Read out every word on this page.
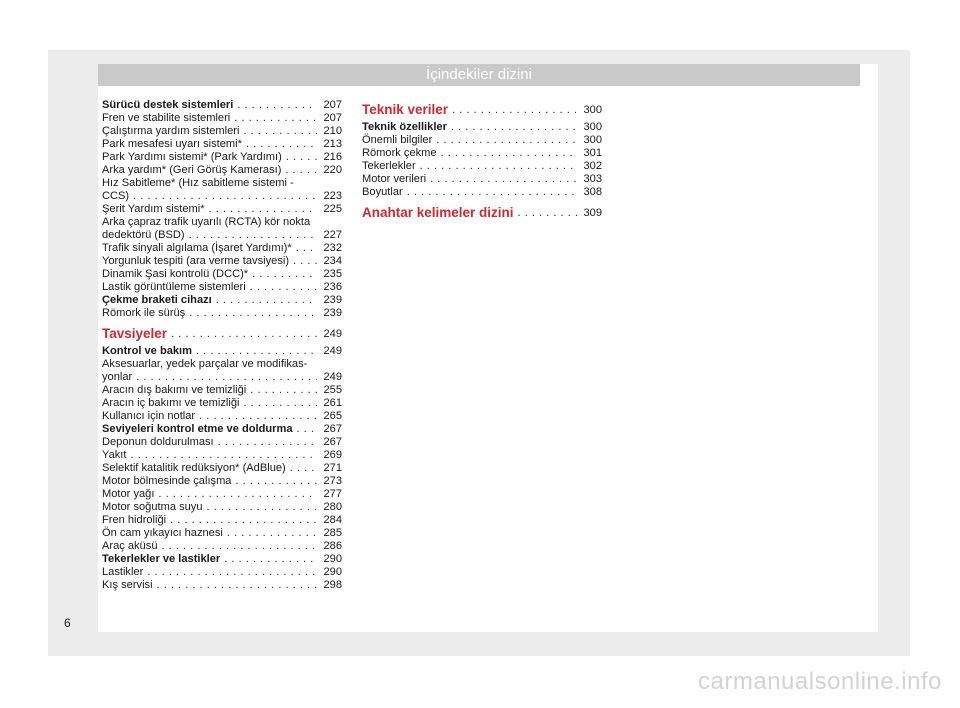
İçindekiler dizini
Sürücü destek sistemleri . . .	207
Fren ve stabilite sistemleri . . .	207
Çalıştırma yardım sistemleri . . .	210
Park mesafesi uyarı sistemi* . . .	213
Park Yardımı sistemi* (Park Yardımı) . . .	216
Arka yardım* (Geri Görüş Kamerası) . . .	220
Hız Sabitleme* (Hız sabitleme sistemi -
CCS) . . .	223
Şerit Yardım sistemi* . . .	225
Arka çapraz trafik uyarılı (RCTA) kör nokta
dedektörü (BSD) . . .	227
Trafik sinyali algılama (İşaret Yardımı)* . . .	232
Yorgunluk tespiti (ara verme tavsiyesi) . . .	234
Dinamik Şasi kontrolü (DCC)* . . .	235
Lastik görüntüleme sistemleri . . .	236
Çekme braketi cihazı . . .	239
Römork ile sürüş . . .	239
Tavsiyeler . . .	249
Kontrol ve bakım . . .	249
Aksesuarlar, yedek parçalar ve modifikas-
yonlar . . .	249
Aracın dış bakımı ve temizliği . . .	255
Aracın iç bakımı ve temizliği . . .	261
Kullanıcı için notlar . . .	265
Seviyeleri kontrol etme ve doldurma . . .	267
Deponun doldurulması . . .	267
Yakıt . . .	269
Selektif katalitik redüksiyon* (AdBlue) . . .	271
Motor bölmesinde çalışma . . .	273
Motor yağı . . .	277
Motor soğutma suyu . . .	280
Fren hidroliği . . .	284
Ön cam yıkayıcı haznesi . . .	285
Araç aküsü . . .	286
Tekerlekler ve lastikler . . .	290
Lastikler . . .	290
Kış servisi . . .	298
Teknik veriler . . .	300
Teknik özellikler . . .	300
Önemli bilgiler . . .	300
Römork çekme . . .	301
Tekerlekler . . .	302
Motor verileri . . .	303
Boyutlar . . .	308
Anahtar kelimeler dizini . . .	309
6
carmanualsonline.info
